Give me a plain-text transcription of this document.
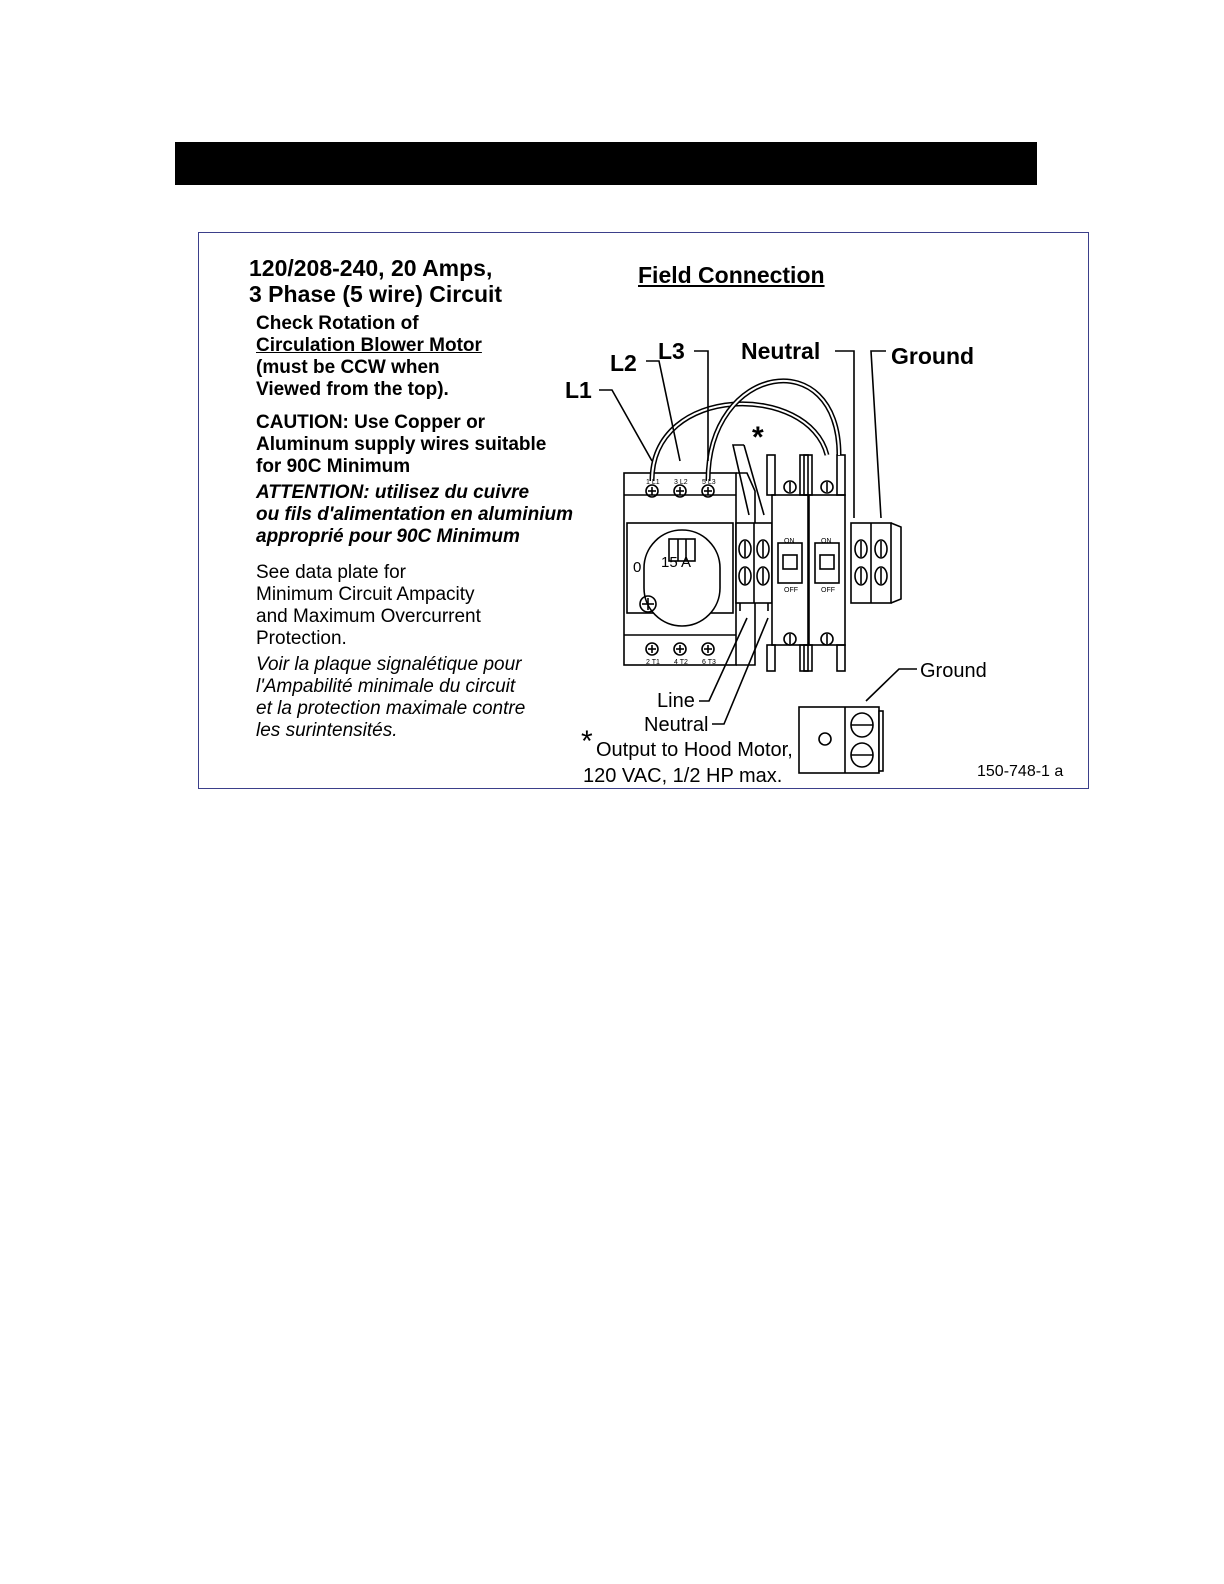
120/208-240, 20 Amps,
3 Phase (5 wire) Circuit
Check Rotation of
Circulation Blower Motor
(must be CCW when
Viewed from the top).
CAUTION: Use Copper or
Aluminum supply wires suitable
for 90C Minimum
ATTENTION: utilisez du cuivre
ou fils d'alimentation en aluminium
approprié pour 90C Minimum
See data plate for
Minimum Circuit Ampacity
and Maximum Overcurrent
Protection.
Voir la plaque signalétique pour
l'Ampabilité minimale du circuit
et la protection maximale contre
les surintensités.
Field Connection
1 L1 3 L2 5 L3
2 T1 4 T2 6 T3
ON
OFF
ON
OFF
15 A
0
L1
L2 L3 Neutral	Ground
*
Ground
Line
Neutral
* Output to Hood Motor,
120 VAC, 1/2 HP max.	150-748-1 a
